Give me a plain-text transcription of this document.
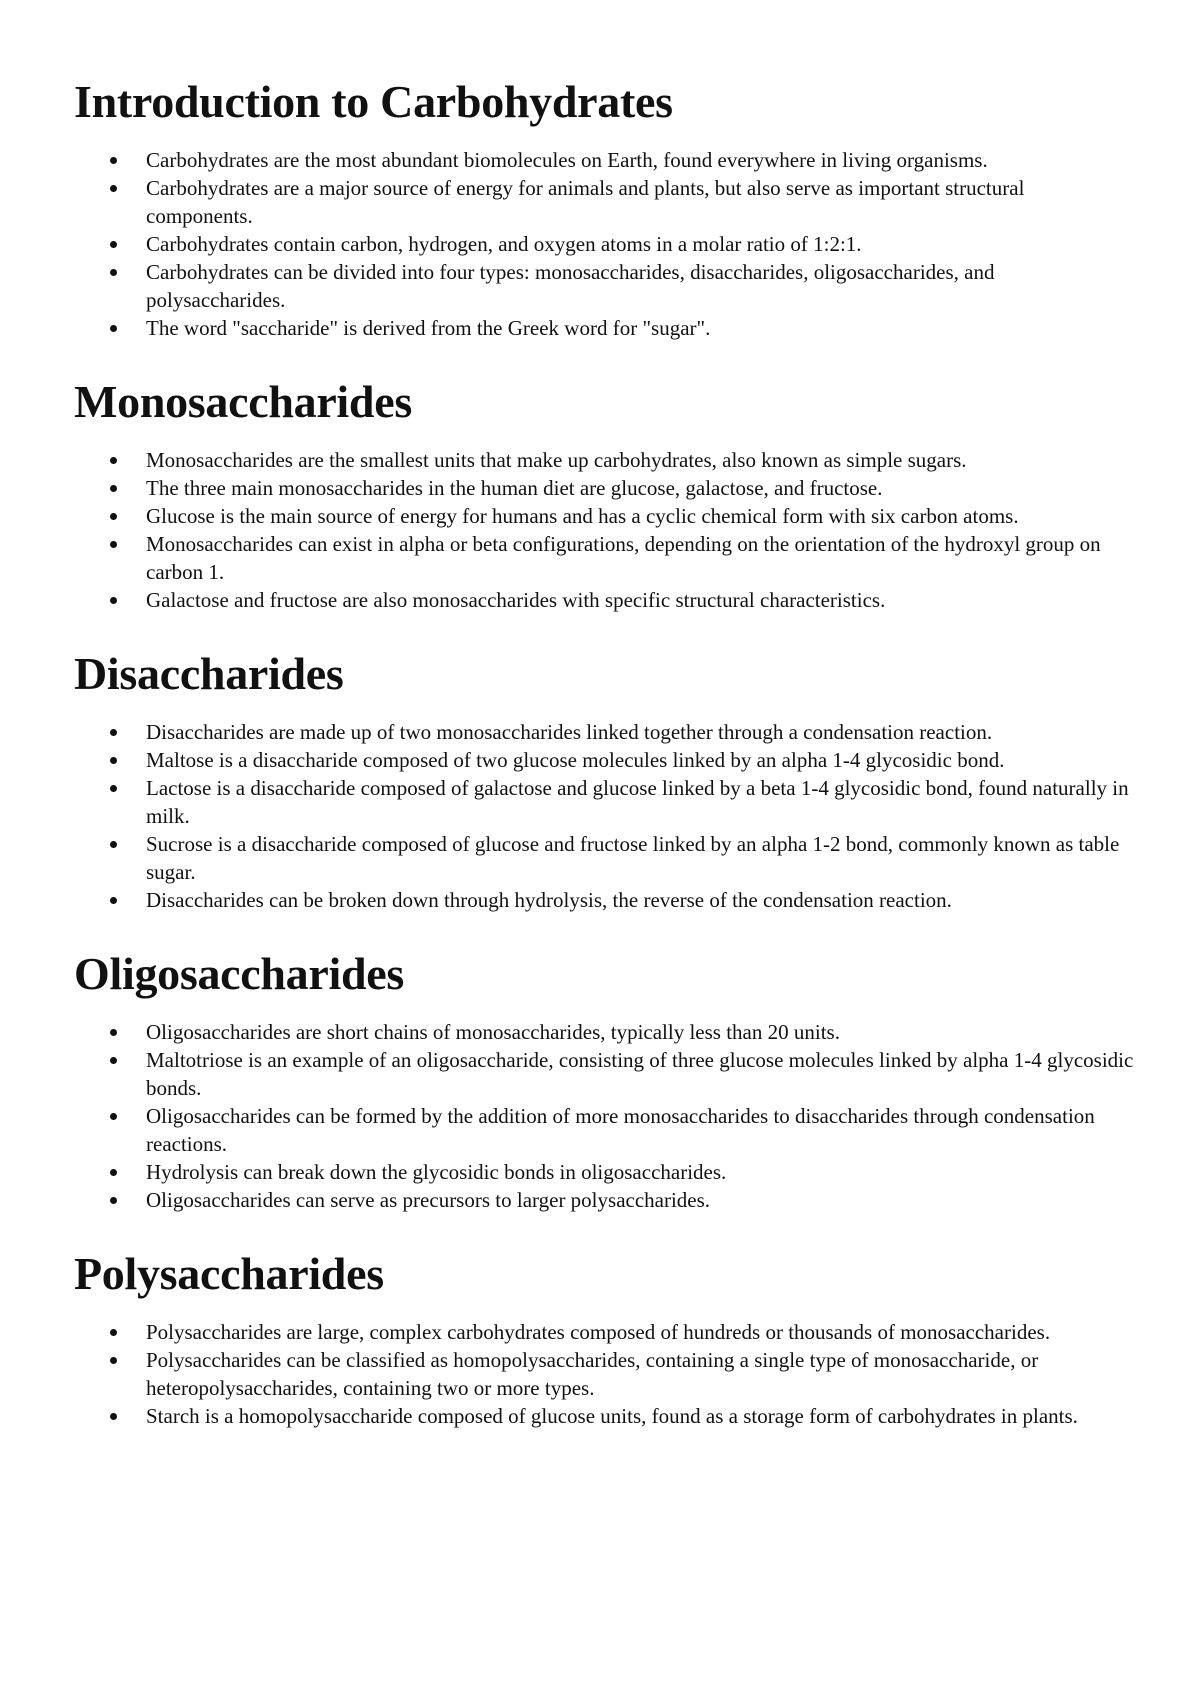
Introduction to Carbohydrates
Carbohydrates are the most abundant biomolecules on Earth, found everywhere in living organisms.
Carbohydrates are a major source of energy for animals and plants, but also serve as important structural components.
Carbohydrates contain carbon, hydrogen, and oxygen atoms in a molar ratio of 1:2:1.
Carbohydrates can be divided into four types: monosaccharides, disaccharides, oligosaccharides, and polysaccharides.
The word "saccharide" is derived from the Greek word for "sugar".
Monosaccharides
Monosaccharides are the smallest units that make up carbohydrates, also known as simple sugars.
The three main monosaccharides in the human diet are glucose, galactose, and fructose.
Glucose is the main source of energy for humans and has a cyclic chemical form with six carbon atoms.
Monosaccharides can exist in alpha or beta configurations, depending on the orientation of the hydroxyl group on carbon 1.
Galactose and fructose are also monosaccharides with specific structural characteristics.
Disaccharides
Disaccharides are made up of two monosaccharides linked together through a condensation reaction.
Maltose is a disaccharide composed of two glucose molecules linked by an alpha 1-4 glycosidic bond.
Lactose is a disaccharide composed of galactose and glucose linked by a beta 1-4 glycosidic bond, found naturally in milk.
Sucrose is a disaccharide composed of glucose and fructose linked by an alpha 1-2 bond, commonly known as table sugar.
Disaccharides can be broken down through hydrolysis, the reverse of the condensation reaction.
Oligosaccharides
Oligosaccharides are short chains of monosaccharides, typically less than 20 units.
Maltotriose is an example of an oligosaccharide, consisting of three glucose molecules linked by alpha 1-4 glycosidic bonds.
Oligosaccharides can be formed by the addition of more monosaccharides to disaccharides through condensation reactions.
Hydrolysis can break down the glycosidic bonds in oligosaccharides.
Oligosaccharides can serve as precursors to larger polysaccharides.
Polysaccharides
Polysaccharides are large, complex carbohydrates composed of hundreds or thousands of monosaccharides.
Polysaccharides can be classified as homopolysaccharides, containing a single type of monosaccharide, or heteropolysaccharides, containing two or more types.
Starch is a homopolysaccharide composed of glucose units, found as a storage form of carbohydrates in plants.
